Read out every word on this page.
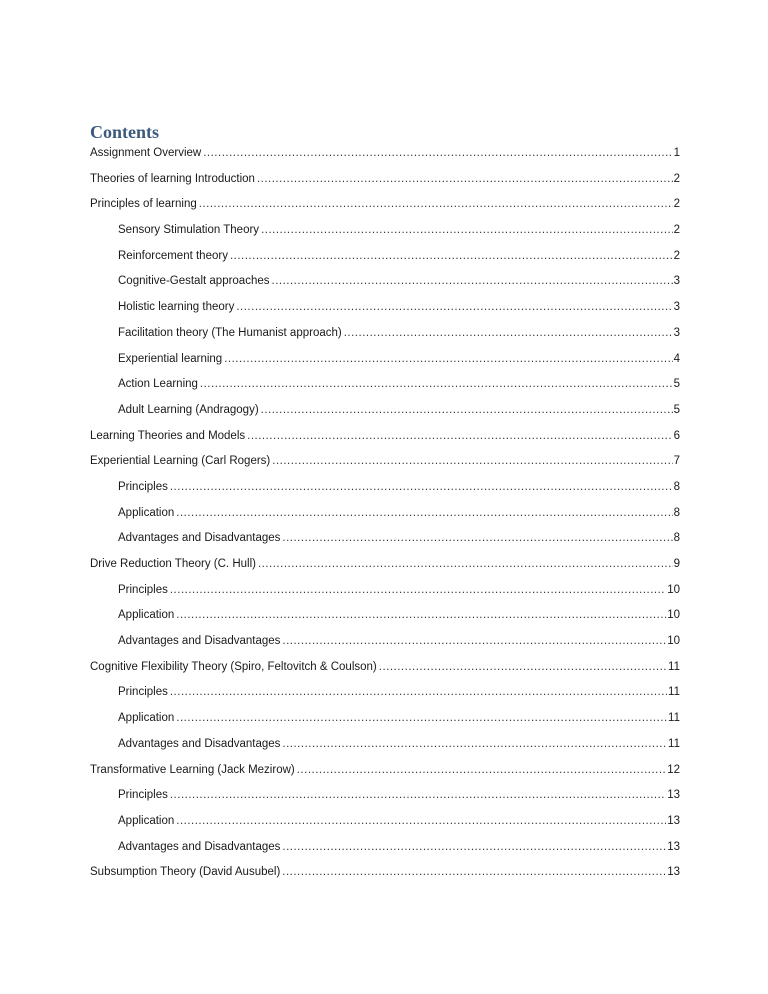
Contents
Assignment Overview .....	1
Theories of learning Introduction .....	2
Principles of learning .....	2
Sensory Stimulation Theory .....	2
Reinforcement theory .....	2
Cognitive-Gestalt approaches .....	3
Holistic learning theory .....	3
Facilitation theory (The Humanist approach) .....	3
Experiential learning .....	4
Action Learning .....	5
Adult Learning (Andragogy) .....	5
Learning Theories and Models .....	6
Experiential Learning (Carl Rogers) .....	7
Principles .....	8
Application .....	8
Advantages and Disadvantages .....	8
Drive Reduction Theory (C. Hull) .....	9
Principles .....	10
Application .....	10
Advantages and Disadvantages .....	10
Cognitive Flexibility Theory (Spiro, Feltovitch & Coulson) .....	11
Principles .....	11
Application .....	11
Advantages and Disadvantages .....	11
Transformative Learning (Jack Mezirow) .....	12
Principles .....	13
Application .....	13
Advantages and Disadvantages .....	13
Subsumption Theory (David Ausubel) .....	13
